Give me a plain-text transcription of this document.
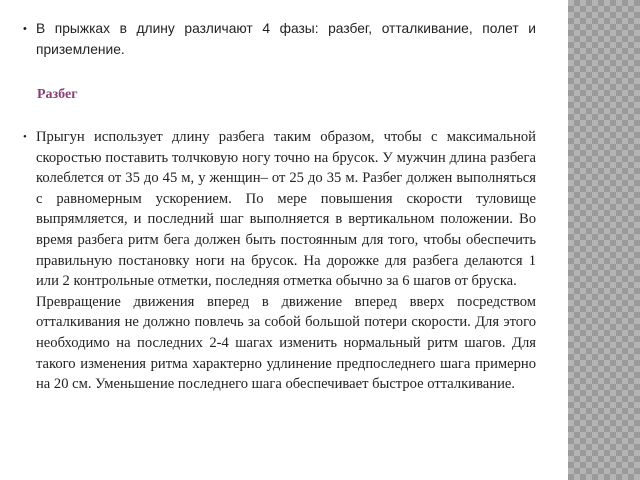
• В прыжках в длину различают 4 фазы: разбег, отталкивание, полет и приземление.
Разбег
• Прыгун использует длину разбега таким образом, чтобы с максимальной скоростью поставить толчковую ногу точно на брусок. У мужчин длина разбега колеблется от 35 до 45 м, у женщин– от 25 до 35 м. Разбег должен выполняться с равномерным ускорением. По мере повышения скорости туловище выпрямляется, и последний шаг выполняется в вертикальном положении. Во время разбега ритм бега должен быть постоянным для того, чтобы обеспечить правильную постановку ноги на брусок. На дорожке для разбега делаются 1 или 2 контрольные отметки, последняя отметка обычно за 6 шагов от бруска.
Превращение движения вперед в движение вперед вверх посредством отталкивания не должно повлечь за собой большой потери скорости. Для этого необходимо на последних 2-4 шагах изменить нормальный ритм шагов. Для такого изменения ритма характерно удлинение предпоследнего шага примерно на 20 см. Уменьшение последнего шага обеспечивает быстрое отталкивание.
